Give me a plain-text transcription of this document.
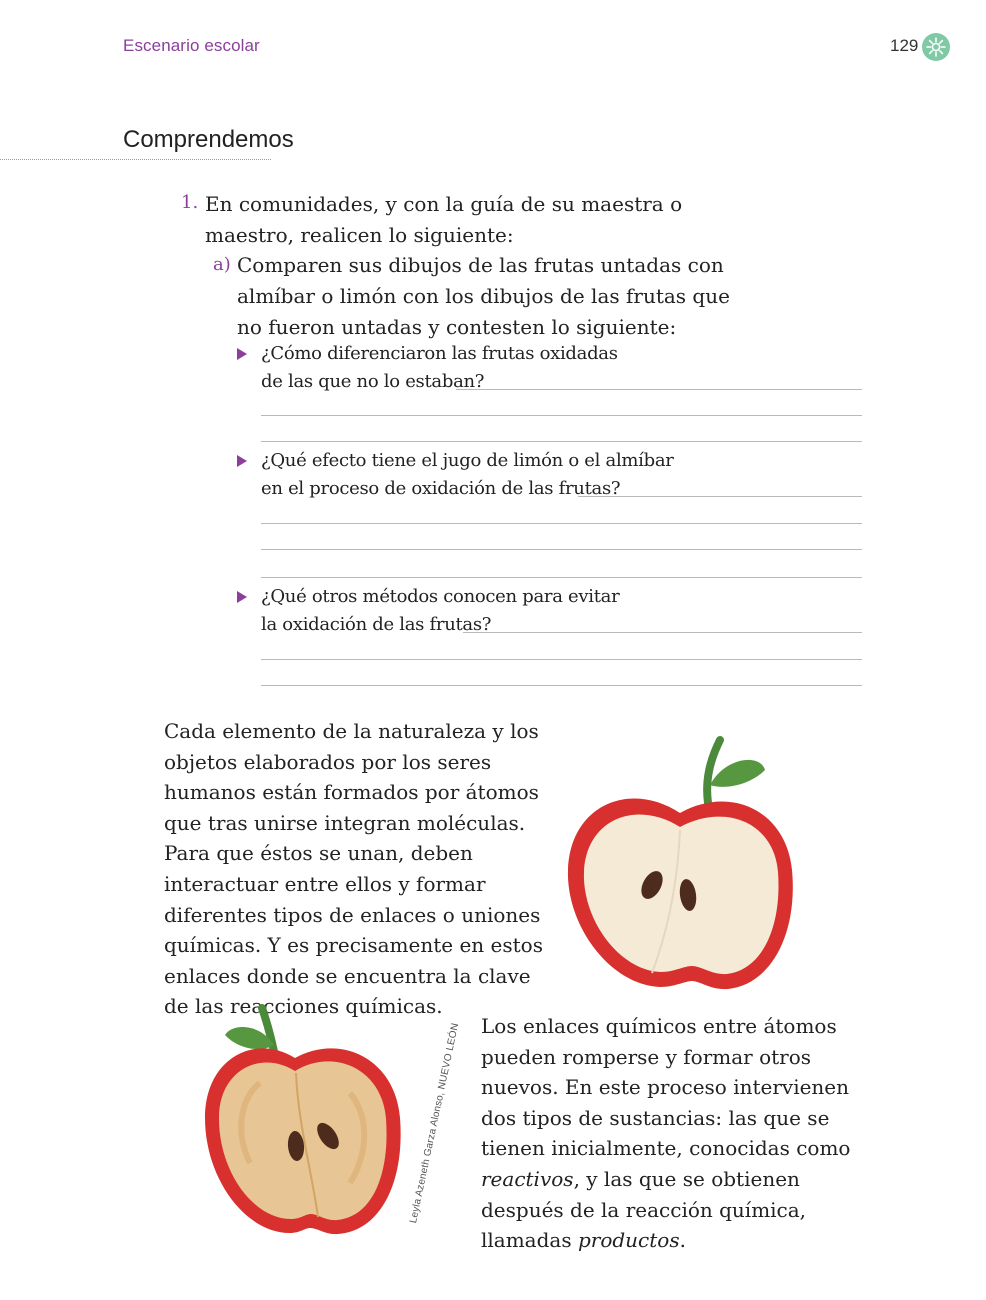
Escenario escolar	129
Comprendemos
1. En comunidades, y con la guía de su maestra o maestro, realicen lo siguiente:
a) Comparen sus dibujos de las frutas untadas con almíbar o limón con los dibujos de las frutas que no fueron untadas y contesten lo siguiente:
¿Cómo diferenciaron las frutas oxidadas
de las que no lo estaban?
¿Qué efecto tiene el jugo de limón o el almíbar
en el proceso de oxidación de las frutas?
¿Qué otros métodos conocen para evitar
la oxidación de las frutas?

Cada elemento de la naturaleza y los objetos elaborados por los seres humanos están formados por átomos que tras unirse integran moléculas. Para que éstos se unan, deben interactuar entre ellos y formar diferentes tipos de enlaces o uniones químicas. Y es precisamente en estos enlaces donde se encuentra la clave de las reacciones químicas.

Los enlaces químicos entre átomos pueden romperse y formar otros nuevos. En este proceso intervienen dos tipos de sustancias: las que se tienen inicialmente, conocidas como reactivos, y las que se obtienen después de la reacción química, llamadas productos.

Leyla Azeneth Garza Alonso, NUEVO LEÓN
